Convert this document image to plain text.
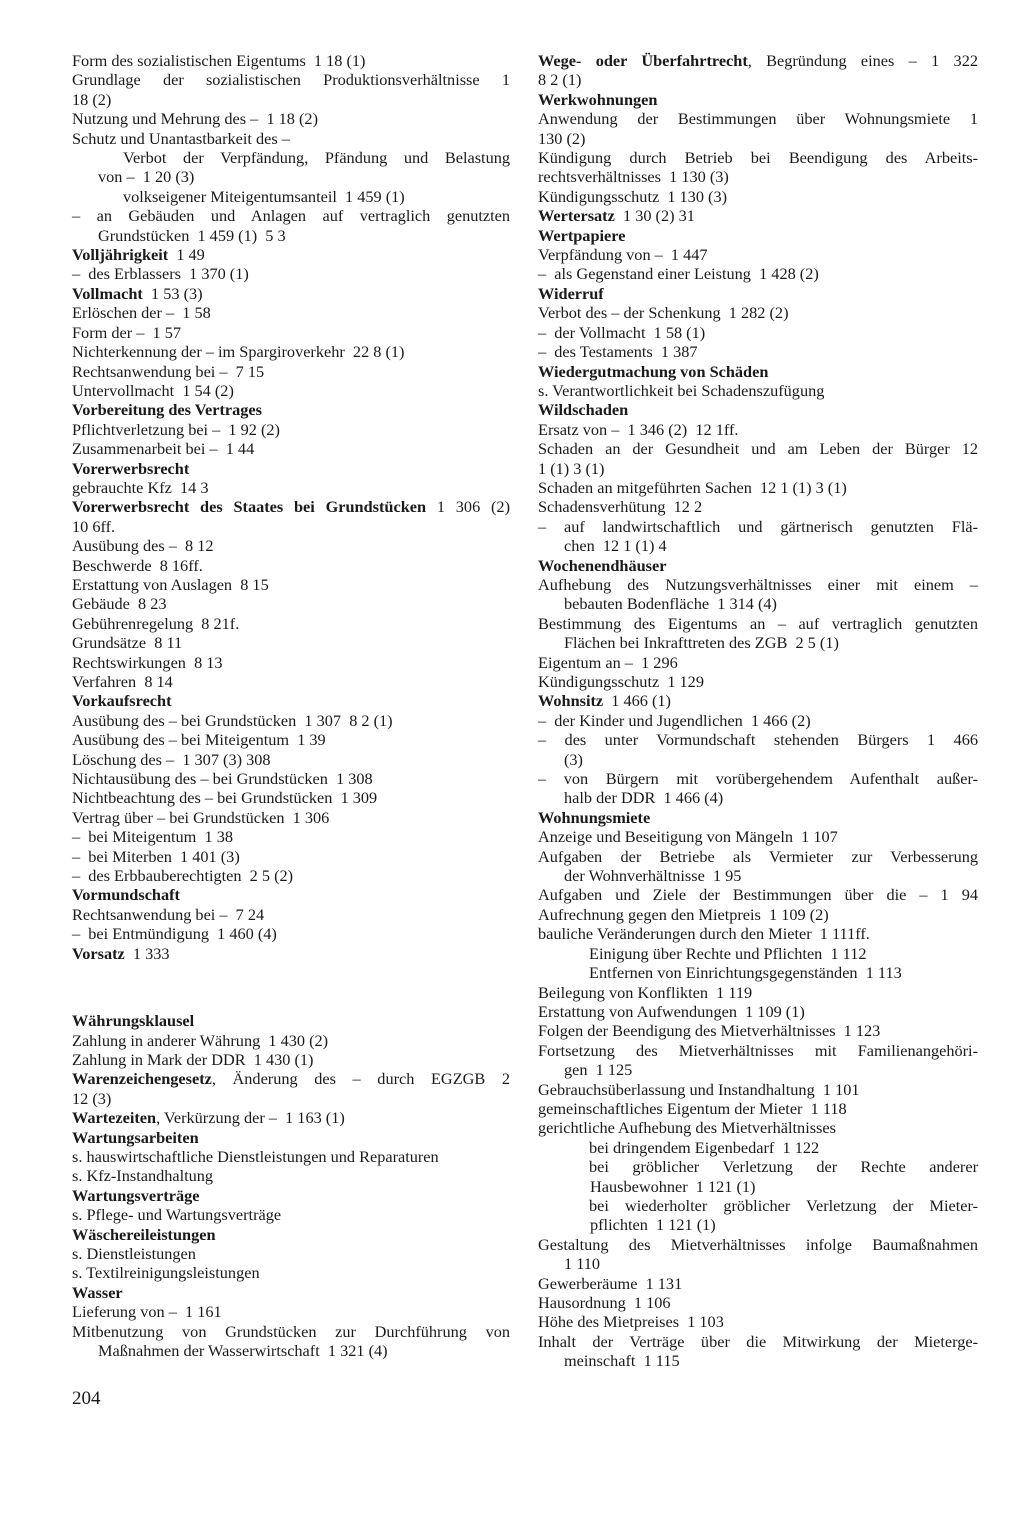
Form des sozialistischen Eigentums  1 18 (1)
Grundlage der sozialistischen Produktionsverhältnisse 1
18 (2)
Nutzung und Mehrung des –  1 18 (2)
Schutz und Unantastbarkeit des –
Verbot der Verpfändung, Pfändung und Belastung
von –  1 20 (3)
volkseigener Miteigentumsanteil  1 459 (1)
– an Gebäuden und Anlagen auf vertraglich genutzten
Grundstücken  1 459 (1)  5 3
Volljährigkeit  1 49
–  des Erblassers  1 370 (1)
Vollmacht  1 53 (3)
Erlöschen der –  1 58
Form der –  1 57
Nichterkennung der – im Spargiroverkehr  22 8 (1)
Rechtsanwendung bei –  7 15
Untervollmacht  1 54 (2)
Vorbereitung des Vertrages
Pflichtverletzung bei –  1 92 (2)
Zusammenarbeit bei –  1 44
Vorerwerbsrecht
gebrauchte Kfz  14 3
Vorerwerbsrecht des Staates bei Grundstücken 1 306 (2)
10 6ff.
Ausübung des –  8 12
Beschwerde  8 16ff.
Erstattung von Auslagen  8 15
Gebäude  8 23
Gebührenregelung  8 21f.
Grundsätze  8 11
Rechtswirkungen  8 13
Verfahren  8 14
Vorkaufsrecht
Ausübung des – bei Grundstücken  1 307  8 2 (1)
Ausübung des – bei Miteigentum  1 39
Löschung des –  1 307 (3) 308
Nichtausübung des – bei Grundstücken  1 308
Nichtbeachtung des – bei Grundstücken  1 309
Vertrag über – bei Grundstücken  1 306
–  bei Miteigentum  1 38
–  bei Miterben  1 401 (3)
–  des Erbbauberechtigten  2 5 (2)
Vormundschaft
Rechtsanwendung bei –  7 24
–  bei Entmündigung  1 460 (4)
Vorsatz  1 333
Währungsklausel
Zahlung in anderer Währung  1 430 (2)
Zahlung in Mark der DDR  1 430 (1)
Warenzeichengesetz, Änderung des – durch EGZGB 2
12 (3)
Wartezeiten, Verkürzung der –  1 163 (1)
Wartungsarbeiten
s. hauswirtschaftliche Dienstleistungen und Reparaturen
s. Kfz-Instandhaltung
Wartungsverträge
s. Pflege- und Wartungsverträge
Wäschereileistungen
s. Dienstleistungen
s. Textilreinigungsleistungen
Wasser
Lieferung von –  1 161
Mitbenutzung von Grundstücken zur Durchführung von
Maßnahmen der Wasserwirtschaft  1 321 (4)
Wege- oder Überfahrtrecht, Begründung eines – 1 322
8 2 (1)
Werkwohnungen
Anwendung der Bestimmungen über Wohnungsmiete 1
130 (2)
Kündigung durch Betrieb bei Beendigung des Arbeits-
rechtsverhältnisses  1 130 (3)
Kündigungsschutz  1 130 (3)
Wertersatz  1 30 (2) 31
Wertpapiere
Verpfändung von –  1 447
–  als Gegenstand einer Leistung  1 428 (2)
Widerruf
Verbot des – der Schenkung  1 282 (2)
–  der Vollmacht  1 58 (1)
–  des Testaments  1 387
Wiedergutmachung von Schäden
s. Verantwortlichkeit bei Schadenszufügung
Wildschaden
Ersatz von –  1 346 (2)  12 1ff.
Schaden an der Gesundheit und am Leben der Bürger 12
1 (1) 3 (1)
Schaden an mitgeführten Sachen  12 1 (1) 3 (1)
Schadensverhütung  12 2
– auf landwirtschaftlich und gärtnerisch genutzten Flä-
chen  12 1 (1) 4
Wochenendhäuser
Aufhebung des Nutzungsverhältnisses einer mit einem –
bebauten Bodenfläche  1 314 (4)
Bestimmung des Eigentums an – auf vertraglich genutzten
Flächen bei Inkrafttreten des ZGB  2 5 (1)
Eigentum an –  1 296
Kündigungsschutz  1 129
Wohnsitz  1 466 (1)
–  der Kinder und Jugendlichen  1 466 (2)
– des unter Vormundschaft stehenden Bürgers 1 466
(3)
– von Bürgern mit vorübergehendem Aufenthalt außer-
halb der DDR  1 466 (4)
Wohnungsmiete
Anzeige und Beseitigung von Mängeln  1 107
Aufgaben der Betriebe als Vermieter zur Verbesserung
der Wohnverhältnisse  1 95
Aufgaben und Ziele der Bestimmungen über die – 1 94
Aufrechnung gegen den Mietpreis  1 109 (2)
bauliche Veränderungen durch den Mieter  1 111ff.
Einigung über Rechte und Pflichten  1 112
Entfernen von Einrichtungsgegenständen  1 113
Beilegung von Konflikten  1 119
Erstattung von Aufwendungen  1 109 (1)
Folgen der Beendigung des Mietverhältnisses  1 123
Fortsetzung des Mietverhältnisses mit Familienangehöri-
gen  1 125
Gebrauchsüberlassung und Instandhaltung  1 101
gemeinschaftliches Eigentum der Mieter  1 118
gerichtliche Aufhebung des Mietverhältnisses
bei dringendem Eigenbedarf  1 122
bei gröblicher Verletzung der Rechte anderer
Hausbewohner  1 121 (1)
bei wiederholter gröblicher Verletzung der Mieter-
pflichten  1 121 (1)
Gestaltung des Mietverhältnisses infolge Baumaßnahmen
1 110
Gewerberäume  1 131
Hausordnung  1 106
Höhe des Mietpreises  1 103
Inhalt der Verträge über die Mitwirkung der Mieterge-
meinschaft  1 115
204
